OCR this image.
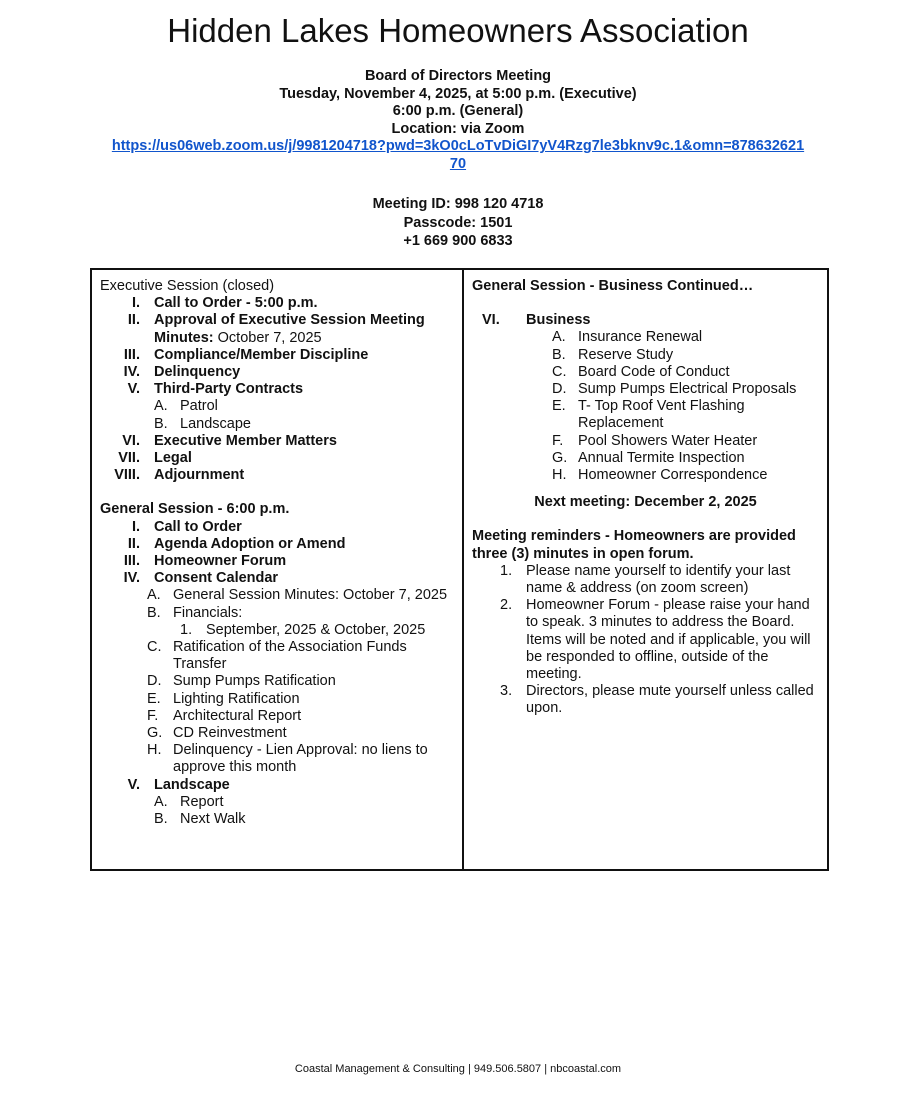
Hidden Lakes Homeowners Association
Board of Directors Meeting
Tuesday, November 4, 2025, at 5:00 p.m. (Executive)
6:00 p.m. (General)
Location: via Zoom
https://us06web.zoom.us/j/9981204718?pwd=3kO0cLoTvDiGI7yV4Rzg7le3bknv9c.1&omn=87863262170
Meeting ID: 998 120 4718
Passcode: 1501
+1 669 900 6833
Executive Session (closed)
I. Call to Order - 5:00 p.m.
II. Approval of Executive Session Meeting Minutes: October 7, 2025
III. Compliance/Member Discipline
IV. Delinquency
V. Third-Party Contracts
A. Patrol
B. Landscape
VI. Executive Member Matters
VII. Legal
VIII. Adjournment
General Session - 6:00 p.m.
I. Call to Order
II. Agenda Adoption or Amend
III. Homeowner Forum
IV. Consent Calendar
A. General Session Minutes: October 7, 2025
B. Financials:
1. September, 2025 & October, 2025
C. Ratification of the Association Funds Transfer
D. Sump Pumps Ratification
E. Lighting Ratification
F.	Architectural Report
G. CD Reinvestment
H. Delinquency - Lien Approval: no liens to approve this month
V. Landscape
A. Report
B. Next Walk
General Session - Business Continued…
VI.	Business
A. Insurance Renewal
B. Reserve Study
C. Board Code of Conduct
D. Sump Pumps Electrical Proposals
E. T- Top Roof Vent Flashing Replacement
F.	Pool Showers Water Heater
G. Annual Termite Inspection
H. Homeowner Correspondence
Next meeting: December 2, 2025
Meeting reminders - Homeowners are provided three (3) minutes in open forum.
1. Please name yourself to identify your last name & address (on zoom screen)
2. Homeowner Forum - please raise your hand to speak. 3 minutes to address the Board. Items will be noted and if applicable, you will be responded to offline, outside of the meeting.
3. Directors, please mute yourself unless called upon.
Coastal Management & Consulting | 949.506.5807 | nbcoastal.com
